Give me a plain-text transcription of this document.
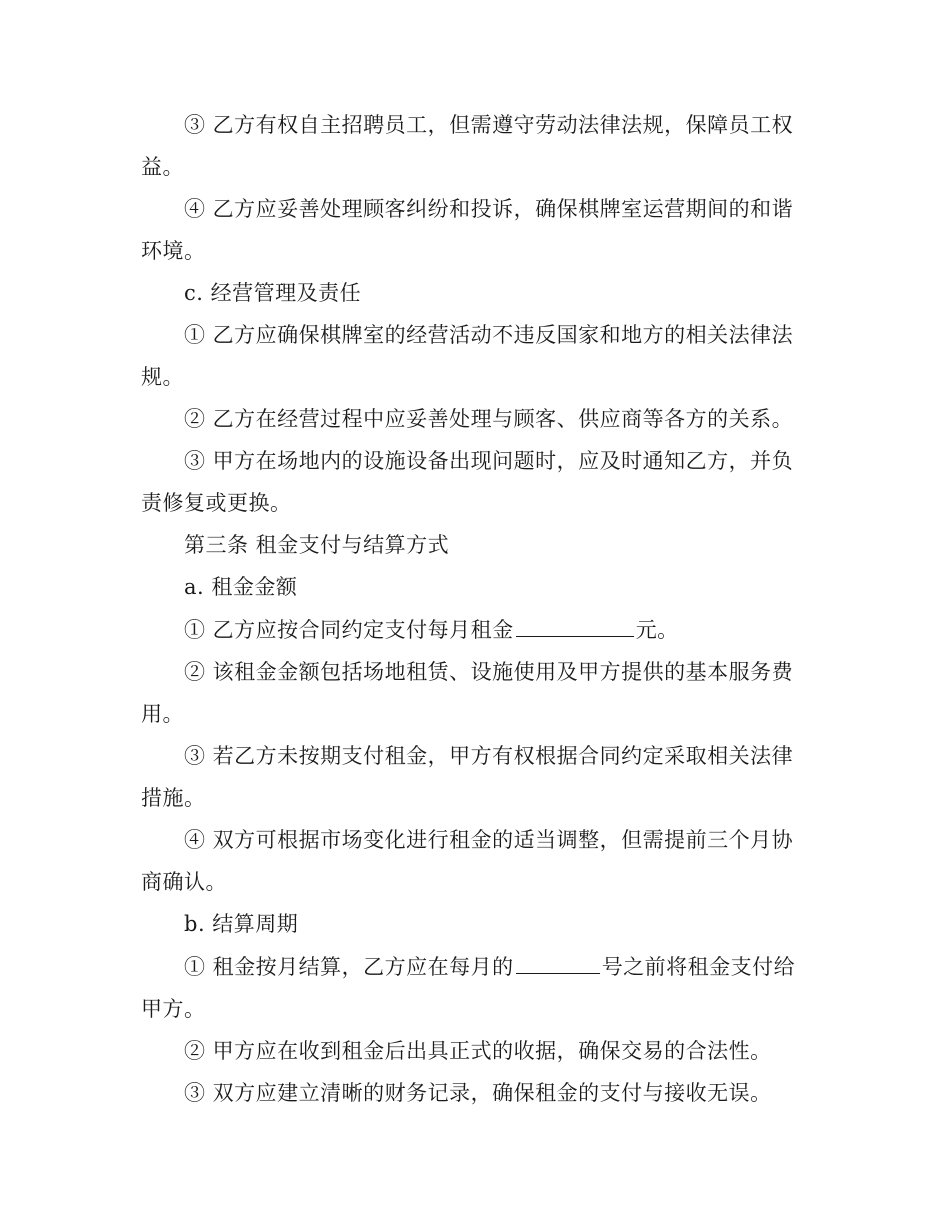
③ 乙方有权自主招聘员工，但需遵守劳动法律法规，保障员工权益。

④ 乙方应妥善处理顾客纠纷和投诉，确保棋牌室运营期间的和谐环境。

c. 经营管理及责任

① 乙方应确保棋牌室的经营活动不违反国家和地方的相关法律法规。

② 乙方在经营过程中应妥善处理与顾客、供应商等各方的关系。

③ 甲方在场地内的设施设备出现问题时，应及时通知乙方，并负责修复或更换。

第三条 租金支付与结算方式

a. 租金金额

① 乙方应按合同约定支付每月租金	元。

② 该租金金额包括场地租赁、设施使用及甲方提供的基本服务费用。

③ 若乙方未按期支付租金，甲方有权根据合同约定采取相关法律措施。

④ 双方可根据市场变化进行租金的适当调整，但需提前三个月协商确认。

b. 结算周期

① 租金按月结算，乙方应在每月的	号之前将租金支付给甲方。

② 甲方应在收到租金后出具正式的收据，确保交易的合法性。

③ 双方应建立清晰的财务记录，确保租金的支付与接收无误。
